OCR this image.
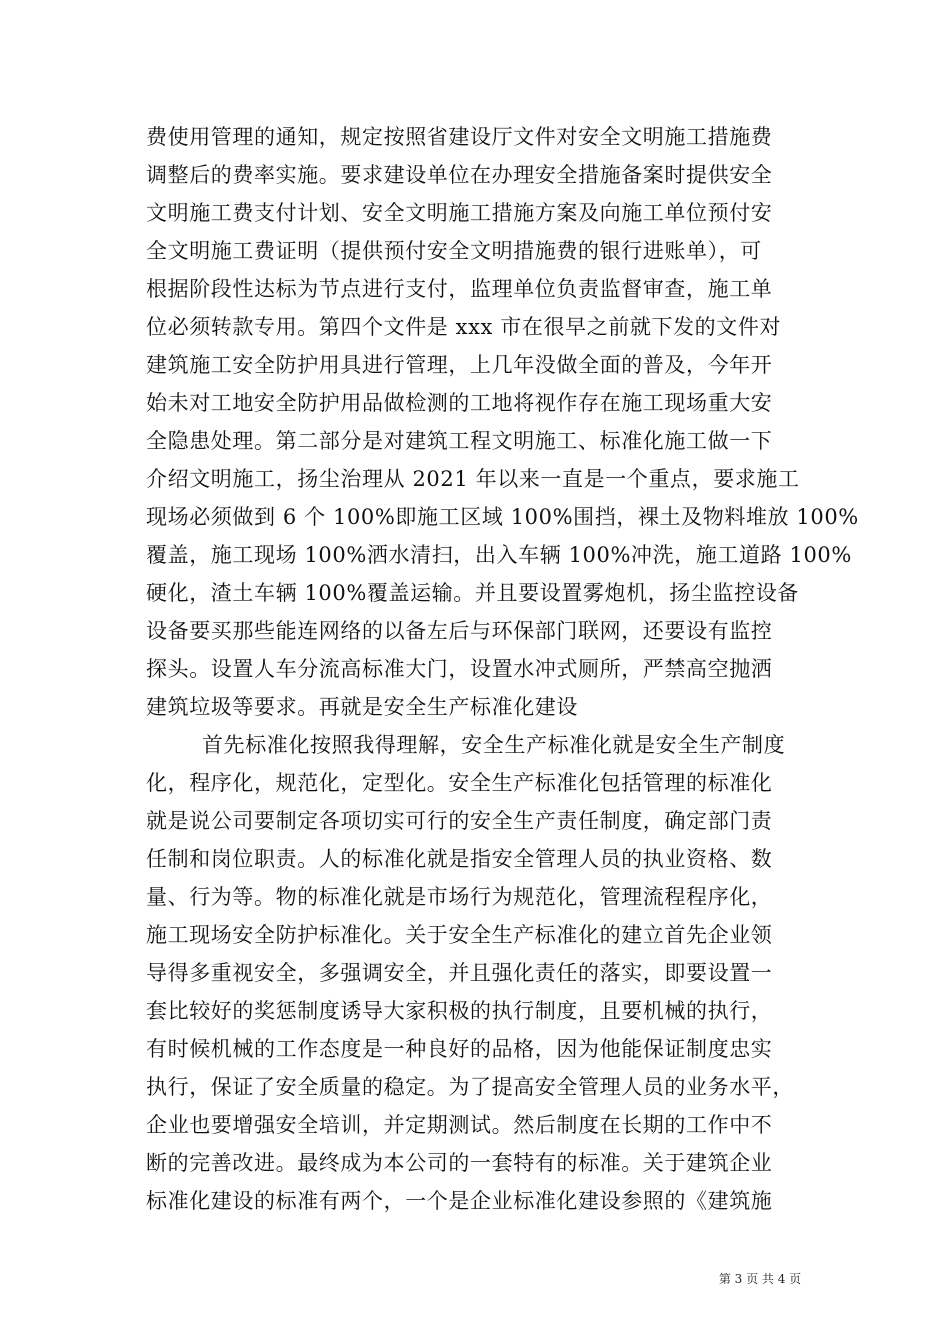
费使用管理的通知，规定按照省建设厅文件对安全文明施工措施费
调整后的费率实施。要求建设单位在办理安全措施备案时提供安全
文明施工费支付计划、安全文明施工措施方案及向施工单位预付安
全文明施工费证明（提供预付安全文明措施费的银行进账单），可
根据阶段性达标为节点进行支付，监理单位负责监督审查，施工单
位必须转款专用。第四个文件是 xxx 市在很早之前就下发的文件对
建筑施工安全防护用具进行管理，上几年没做全面的普及，今年开
始未对工地安全防护用品做检测的工地将视作存在施工现场重大安
全隐患处理。第二部分是对建筑工程文明施工、标准化施工做一下
介绍文明施工，扬尘治理从 2021 年以来一直是一个重点，要求施工
现场必须做到 6 个 100%即施工区域 100%围挡，裸土及物料堆放 100%
覆盖，施工现场 100%洒水清扫，出入车辆 100%冲洗，施工道路 100%
硬化，渣土车辆 100%覆盖运输。并且要设置雾炮机，扬尘监控设备
设备要买那些能连网络的以备左后与环保部门联网，还要设有监控
探头。设置人车分流高标准大门，设置水冲式厕所，严禁高空抛洒
建筑垃圾等要求。再就是安全生产标准化建设
首先标准化按照我得理解，安全生产标准化就是安全生产制度
化，程序化，规范化，定型化。安全生产标准化包括管理的标准化
就是说公司要制定各项切实可行的安全生产责任制度，确定部门责
任制和岗位职责。人的标准化就是指安全管理人员的执业资格、数
量、行为等。物的标准化就是市场行为规范化，管理流程程序化，
施工现场安全防护标准化。关于安全生产标准化的建立首先企业领
导得多重视安全，多强调安全，并且强化责任的落实，即要设置一
套比较好的奖惩制度诱导大家积极的执行制度，且要机械的执行，
有时候机械的工作态度是一种良好的品格，因为他能保证制度忠实
执行，保证了安全质量的稳定。为了提高安全管理人员的业务水平，
企业也要增强安全培训，并定期测试。然后制度在长期的工作中不
断的完善改进。最终成为本公司的一套特有的标准。关于建筑企业
标准化建设的标准有两个，一个是企业标准化建设参照的《建筑施
第 3 页 共 4 页
